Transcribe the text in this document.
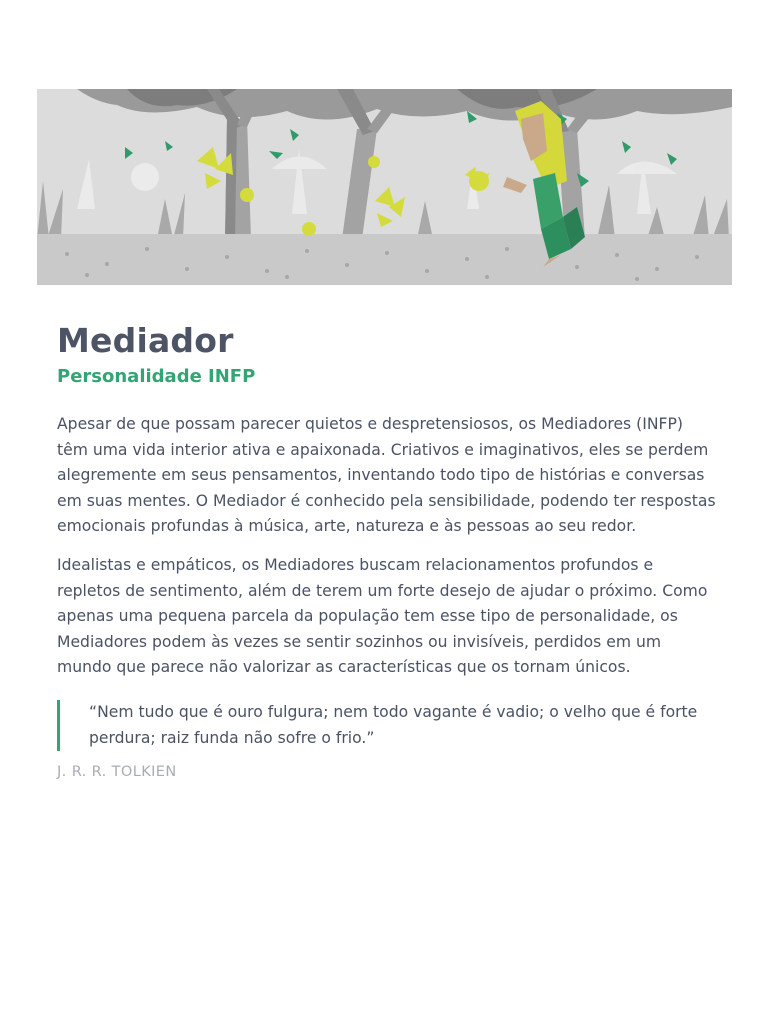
Mediador
Personalidade INFP

Apesar de que possam parecer quietos e despretensiosos, os Mediadores (INFP) têm uma vida interior ativa e apaixonada. Criativos e imaginativos, eles se perdem alegremente em seus pensamentos, inventando todo tipo de histórias e conversas em suas mentes. O Mediador é conhecido pela sensibilidade, podendo ter respostas emocionais profundas à música, arte, natureza e às pessoas ao seu redor.

Idealistas e empáticos, os Mediadores buscam relacionamentos profundos e repletos de sentimento, além de terem um forte desejo de ajudar o próximo. Como apenas uma pequena parcela da população tem esse tipo de personalidade, os Mediadores podem às vezes se sentir sozinhos ou invisíveis, perdidos em um mundo que parece não valorizar as características que os tornam únicos.

“Nem tudo que é ouro fulgura; nem todo vagante é vadio; o velho que é forte perdura; raiz funda não sofre o frio.”
J. R. R. TOLKIEN
